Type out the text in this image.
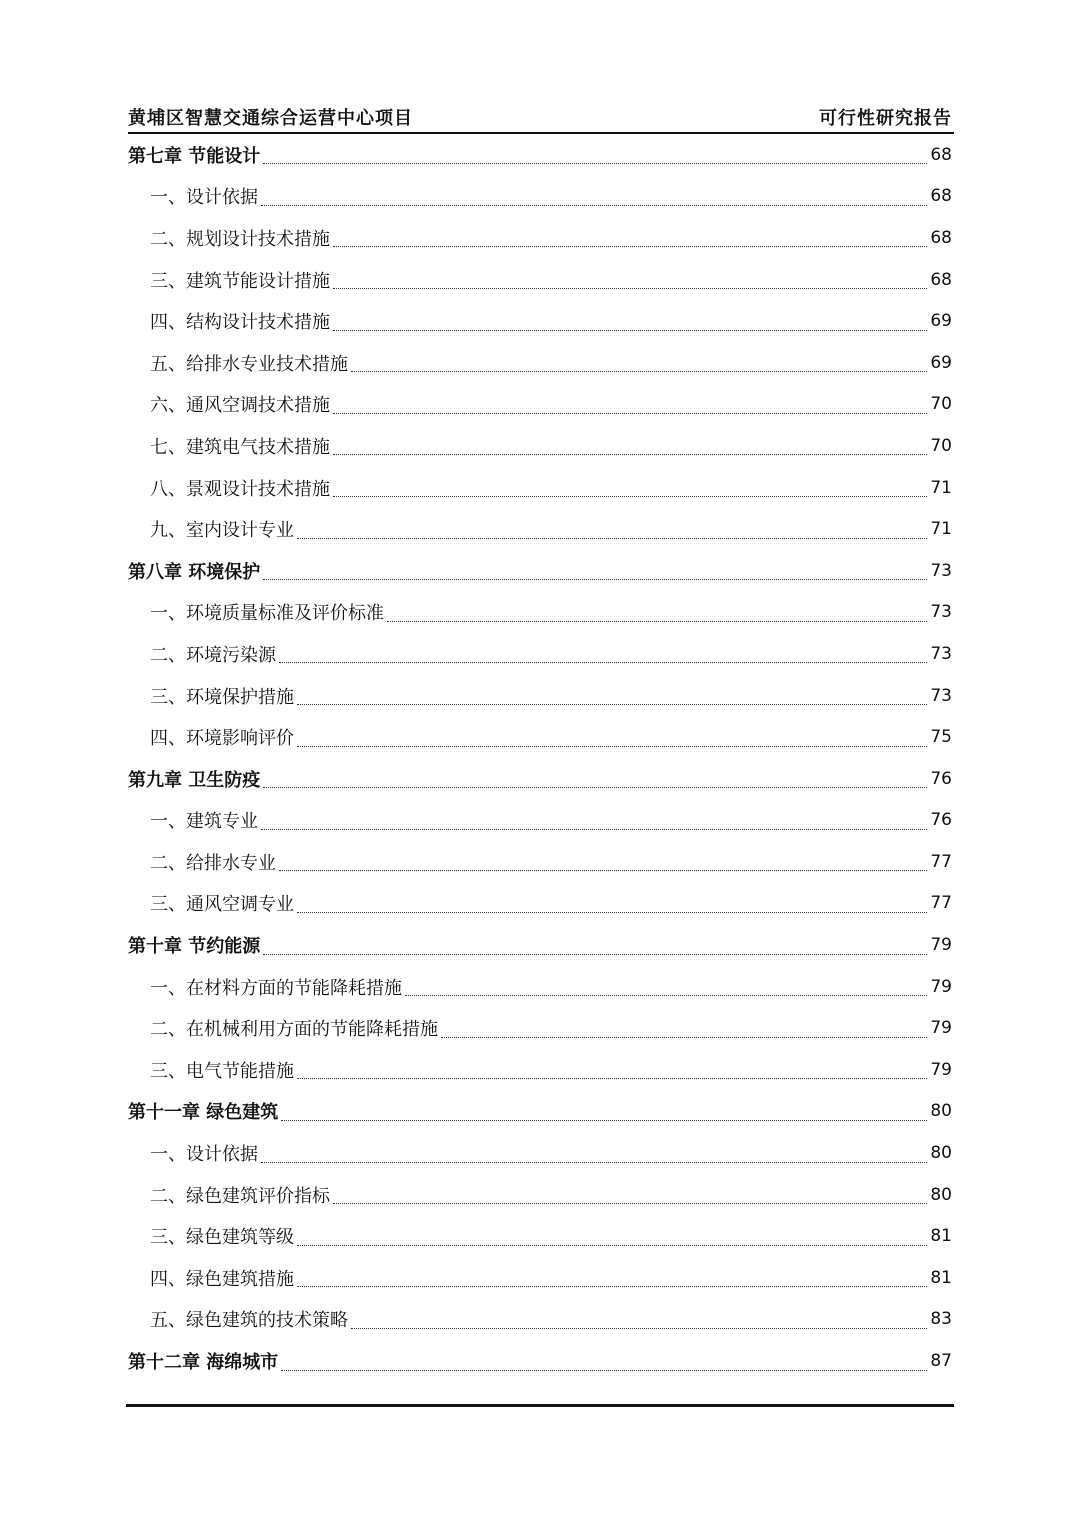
黄埔区智慧交通综合运营中心项目	可行性研究报告
第七章 节能设计	68
一、设计依据	68
二、规划设计技术措施	68
三、建筑节能设计措施	68
四、结构设计技术措施	69
五、给排水专业技术措施	69
六、通风空调技术措施	70
七、建筑电气技术措施	70
八、景观设计技术措施	71
九、室内设计专业	71
第八章 环境保护	73
一、环境质量标准及评价标准	73
二、环境污染源	73
三、环境保护措施	73
四、环境影响评价	75
第九章 卫生防疫	76
一、建筑专业	76
二、给排水专业	77
三、通风空调专业	77
第十章 节约能源	79
一、在材料方面的节能降耗措施	79
二、在机械利用方面的节能降耗措施	79
三、电气节能措施	79
第十一章 绿色建筑	80
一、设计依据	80
二、绿色建筑评价指标	80
三、绿色建筑等级	81
四、绿色建筑措施	81
五、绿色建筑的技术策略	83
第十二章 海绵城市	87
